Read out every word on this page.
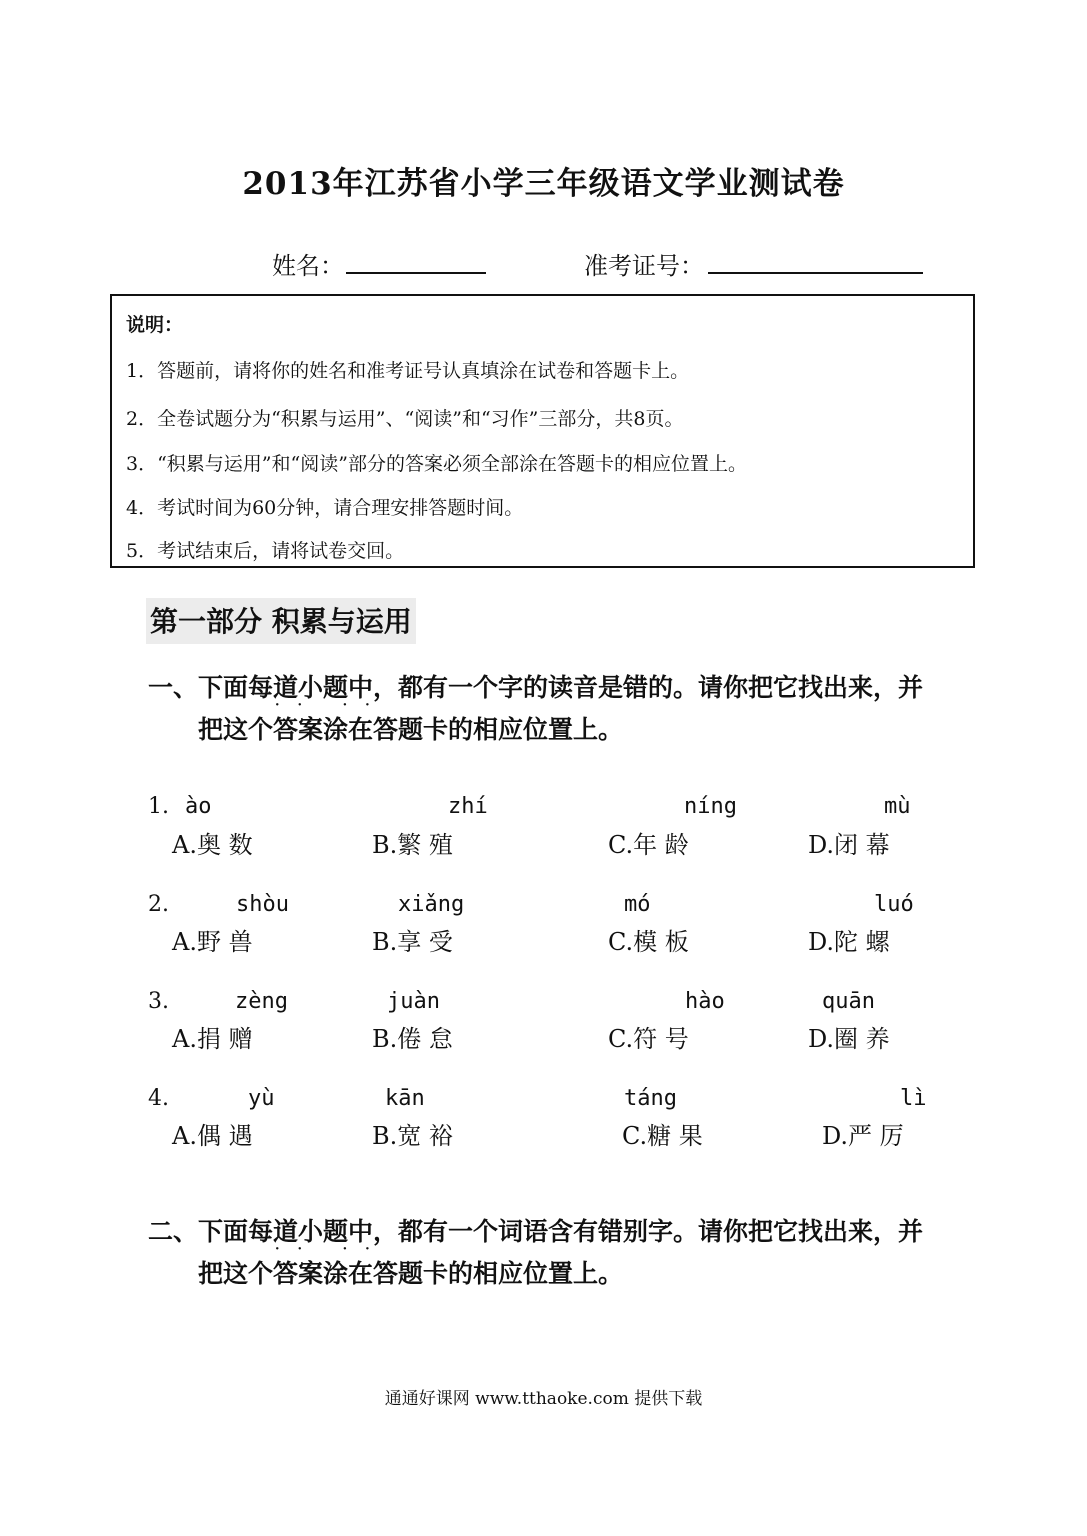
2013年江苏省小学三年级语文学业测试卷
姓名：	准考证号：
说明：
1．答题前，请将你的姓名和准考证号认真填涂在试卷和答题卡上。
2．全卷试题分为“积累与运用”、“阅读”和“习作”三部分，共8页。
3．“积累与运用”和“阅读”部分的答案必须全部涂在答题卡的相应位置上。
4．考试时间为60分钟，请合理安排答题时间。
5．考试结束后，请将试卷交回。
第一部分 积累与运用
一、下面每道小题中，都有一个字的读音是错的。请你把它找出来，并
·· ··
把这个答案涂在答题卡的相应位置上。
1. ào	zhí	níng	mù
A.奥 数	B.繁 殖	C.年 龄	D.闭 幕
2.	shòu	xiǎng	mó	luó
A.野 兽	B.享 受	C.模 板	D.陀 螺
3.	zèng	juàn	hào	quān
A.捐 赠	B.倦 怠	C.符 号	D.圈 养
4.	yù	kān	táng	lì
A.偶 遇	B.宽 裕	C.糖 果	D.严 厉
二、下面每道小题中，都有一个词语含有错别字。请你把它找出来，并
·· ··
把这个答案涂在答题卡的相应位置上。
通通好课网 www.tthaoke.com 提供下载
